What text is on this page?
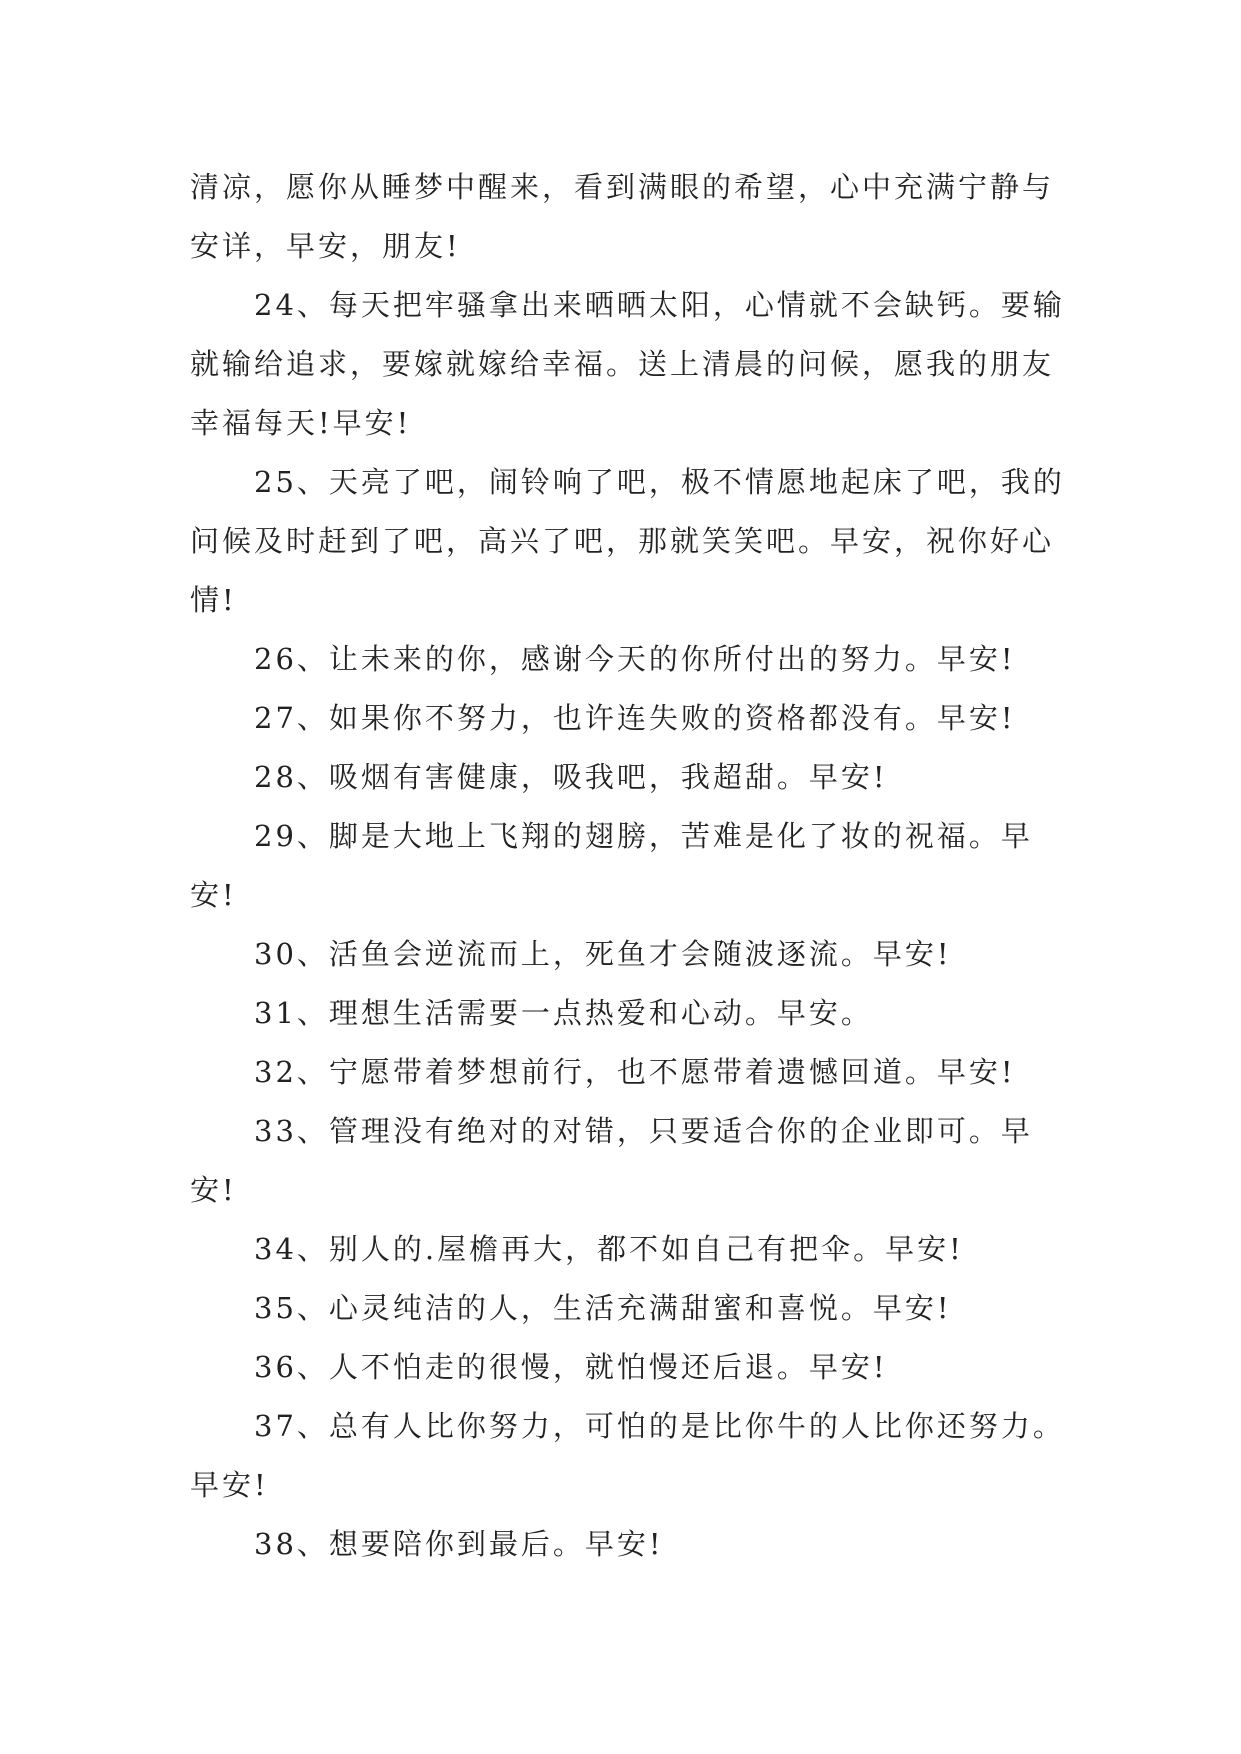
清凉，愿你从睡梦中醒来，看到满眼的希望，心中充满宁静与安详，早安，朋友!

24、每天把牢骚拿出来晒晒太阳，心情就不会缺钙。要输就输给追求，要嫁就嫁给幸福。送上清晨的问候，愿我的朋友幸福每天!早安!

25、天亮了吧，闹铃响了吧，极不情愿地起床了吧，我的问候及时赶到了吧，高兴了吧，那就笑笑吧。早安，祝你好心情!

26、让未来的你，感谢今天的你所付出的努力。早安!

27、如果你不努力，也许连失败的资格都没有。早安!

28、吸烟有害健康，吸我吧，我超甜。早安!

29、脚是大地上飞翔的翅膀，苦难是化了妆的祝福。早安!

30、活鱼会逆流而上，死鱼才会随波逐流。早安!

31、理想生活需要一点热爱和心动。早安。

32、宁愿带着梦想前行，也不愿带着遗憾回道。早安!

33、管理没有绝对的对错，只要适合你的企业即可。早安!

34、别人的.屋檐再大，都不如自己有把伞。早安!

35、心灵纯洁的人，生活充满甜蜜和喜悦。早安!

36、人不怕走的很慢，就怕慢还后退。早安!

37、总有人比你努力，可怕的是比你牛的人比你还努力。早安!

38、想要陪你到最后。早安!
